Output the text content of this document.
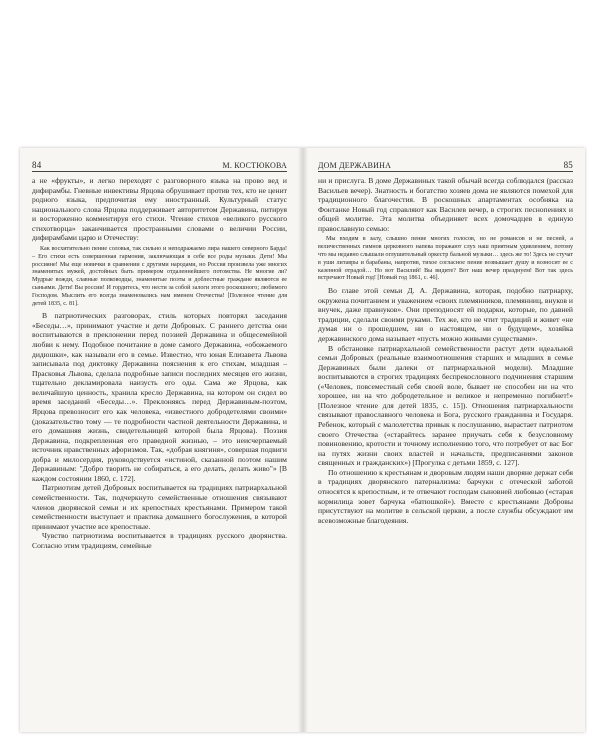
84	М. КОСТЮКОВА

а не «фрукты», и легко переходят с разговорного языка на прово вед и дифирамбы. Гневные инвективы Ярцова обрушивает против тех, кто не ценит родного языка, предпочитая ему иностранный. Культурный статус национального слова Ярцова поддерживает авторитетом Державина, питируя и восторженно комментируя его стихи. Чтение стихов «великого русского стихотворца» заканчивается пространными словами о величии России, дифирамбами царю и Отечеству:

Как восхитительно пение соловья, так сильно и неподражаемо лира нашего северного Барда! – Его стихи есть совершенная гармония, заключающая в себе все роды музыки. Дети! Мы россияне! Мы еще новички в сравнении с другими народами, но Россия произвела уже многих знаменитых мужей, достойных быть примером отдаленнейшего потомства. Не многие ли? Мудрые вожди, славные полководцы, знаменитые поэты и доблестные граждане являются ее сыньями. Дети! Вы россии! И гордитесь, что нести за собой залоги этого роскошного; любимого Господом. Мыслить его всегда знаменовались нам именем Отечества! [Полезное чтение для детей 1835, с. 81].

В патриотических разговорах, стиль которых повторял заседания «Беседы…», принимают участие и дети Добровых. С раннего детства они воспитываются в преклонении перед поэзией Державина и общесемейной любви к нему. Подобное почитание в доме самого Державина, «обожаемого дидюшки», как называли его в семье. Известно, что юная Елизавета Львова записывала под диктовку Державина пояснения к его стихам, младшая – Прасковья Львова, сделала подробные записи последних месяцев его жизни, тщательно декламировала наизусть его оды. Сама же Ярцова, как величайшую ценность, хранила кресло Державина, на котором он сидел во время заседаний «Беседы…». Преклоняясь перед Державиным-поэтом, Ярцова превозносит его как человека, «известного добродетелями своими» (доказательство тому — те подробности частной деятельности Державина, и его домашняя жизнь, свидетельницей которой была Ярцова). Поэзия Державина, подкрепленная его праведной жизнью, – это неисчерпаемый источник нравственных афоризмов. Так, «добрая княгиня», совершая подвиги добра и милосердия, руководствуется «истиной, сказанной поэтом нашим Державиным: "Добро творить не собираться, а его делать, делать живо"» [В каждом состоянии 1860, с. 172].

Патриотизм детей Добровых воспитывается на традициях патриархальной семейственности. Так, подчеркнуто семейственные отношения связывают членов дворянской семьи и их крепостных крестьянами. Примером такой семейственности выступает и практика домашнего богослужения, в которой принимают участие все крепостные.

Чувство патриотизма воспитывается в традициях русского дворянства. Согласно этим традициям, семейные

ДОМ ДЕРЖАВИНА	85

ни и прислуга. В доме Державиных такой обычай всегда соблюдался (рассказ Васильев вечер). Знатность и богатство хозяев дома не являются помехой для традиционного благочестия. В роскошных апартаментах особняка на Фонтанке Новый год справляют как Василев вечер, в строгих песнопениях и общей молитве. Эта молитва объединяет всех домочадцев в единую православную семью:

Мы входим в залу, слышно пение многих голосов, но не романсов и не песней, а величественных гимнов церковного напева поражают слух наш приятным удивлением, потому что мы недавно слышали оглушительный оркестр бальной музыки… здесь же то! Здесь не стучат в уши литавры и барабаны, напротив, тихое согласное пение возвышает душу и возносит ее с казенной отрадой… Но вот Василий! Вы видите? Вот наш вечер празднуем! Вот так здесь встречают Новый год! [Новый год 1861, с. 46].

Во главе этой семьи Д. А. Державина, которая, подобно патриарху, окружена почитанием и уважением «своих племянников, племянниц, внуков и внучек, даже правнуков». Они преподносят ей подарки, которые, по давней традиции, сделали своими руками. Тех же, кто не чтит традиций и живет «не думая ни о прошедшем, ни о настоящем, ни о будущем», хозяйка державинского дома называет «пусть можно живыми существами».

В обстановке патриархальной семейственности растут дети идеальной семьи Добровых (реальные взаимоотношения старших и младших в семье Державиных были далеки от патриархальной модели). Младшие воспитываются в строгих традициях беспрекословного подчинения старшим («Человек, повсеместный себя своей воле, бывает не способен ни на что хорошее, ни на что добродетельное и великое и непременно погибнет!» [Полезное чтение для детей 1835, с. 15]). Отношения патриархальности связывают православного человека и Бога, русского гражданина и Государя. Ребенок, который с малолетства привык к послушанию, вырастает патриотом своего Отечества («старайтесь заранее приучать себя к безусловному повиновению, кротости и точному исполнению того, что потребует от вас Бог на путях жизни своих властей и начальств, предписаниями законов священных и гражданских») [Прогулка с детьми 1859, с. 127].

По отношению к крестьянам и дворовым людям наши дворяне держат себя в традициях дворянского патернализма: барчуки с отеческой заботой относятся к крепостным, и те отвечают господам сыновней любовью («старая кормилица зовет барчука «батюшкой»). Вместе с крестьянами Добровы присутствуют на молитве в сельской церкви, а после службы обсуждают им всевозможные благодеяния.
